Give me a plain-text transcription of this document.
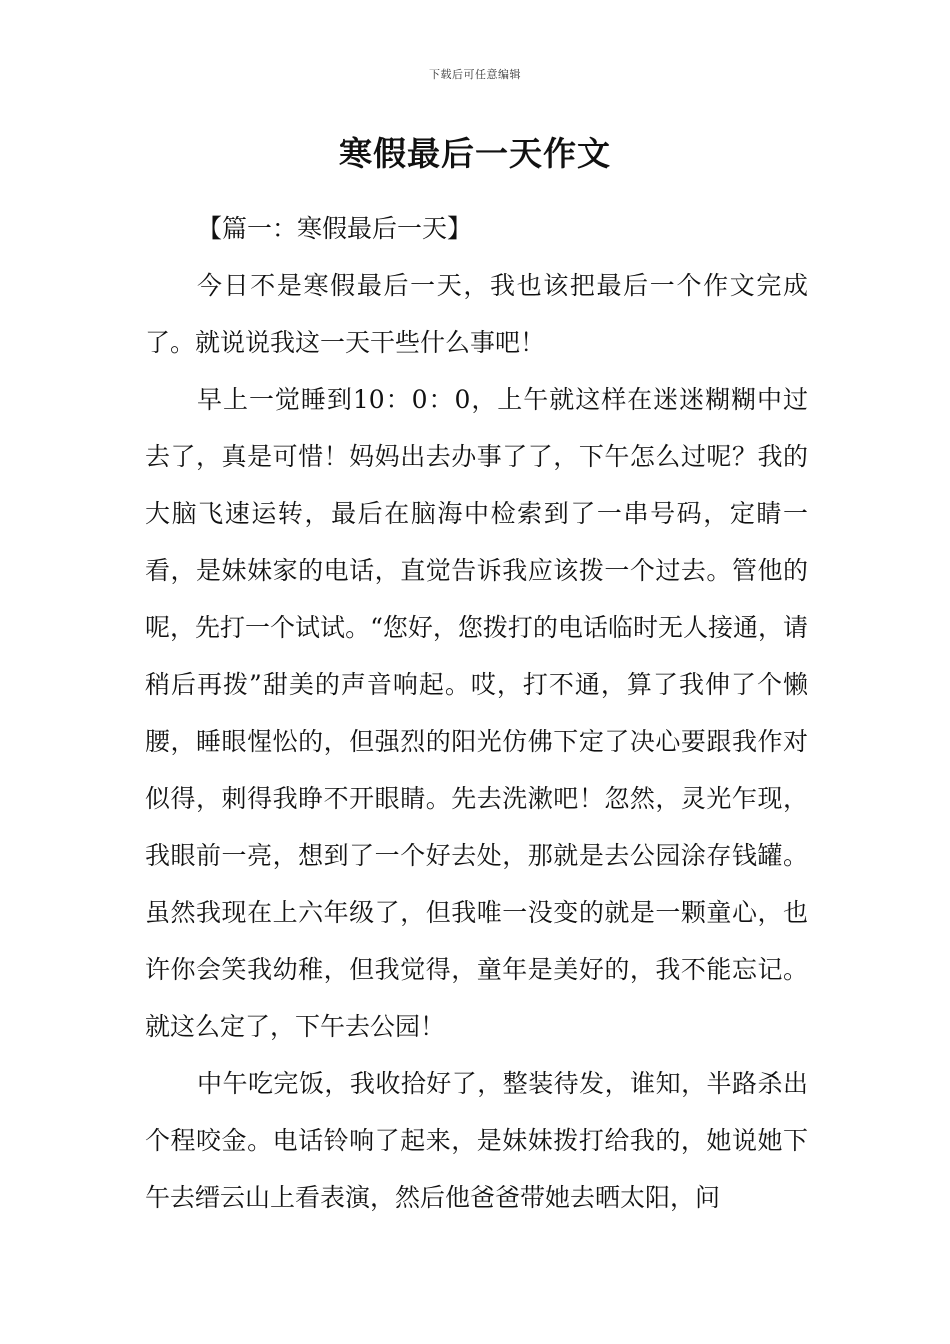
下载后可任意编辑
寒假最后一天作文

【篇一：寒假最后一天】

今日不是寒假最后一天，我也该把最后一个作文完成了。就说说我这一天干些什么事吧！

早上一觉睡到10：0：0，上午就这样在迷迷糊糊中过去了，真是可惜！妈妈出去办事了了，下午怎么过呢？我的大脑飞速运转，最后在脑海中检索到了一串号码，定睛一看，是妹妹家的电话，直觉告诉我应该拨一个过去。管他的呢，先打一个试试。“您好，您拨打的电话临时无人接通，请稍后再拨”甜美的声音响起。哎，打不通，算了我伸了个懒腰，睡眼惺忪的，但强烈的阳光仿佛下定了决心要跟我作对似得，刺得我睁不开眼睛。先去洗漱吧！忽然，灵光乍现，我眼前一亮，想到了一个好去处，那就是去公园涂存钱罐。虽然我现在上六年级了，但我唯一没变的就是一颗童心，也许你会笑我幼稚，但我觉得，童年是美好的，我不能忘记。就这么定了，下午去公园！

中午吃完饭，我收拾好了，整装待发，谁知，半路杀出个程咬金。电话铃响了起来，是妹妹拨打给我的，她说她下午去缙云山上看表演，然后他爸爸带她去晒太阳，问
